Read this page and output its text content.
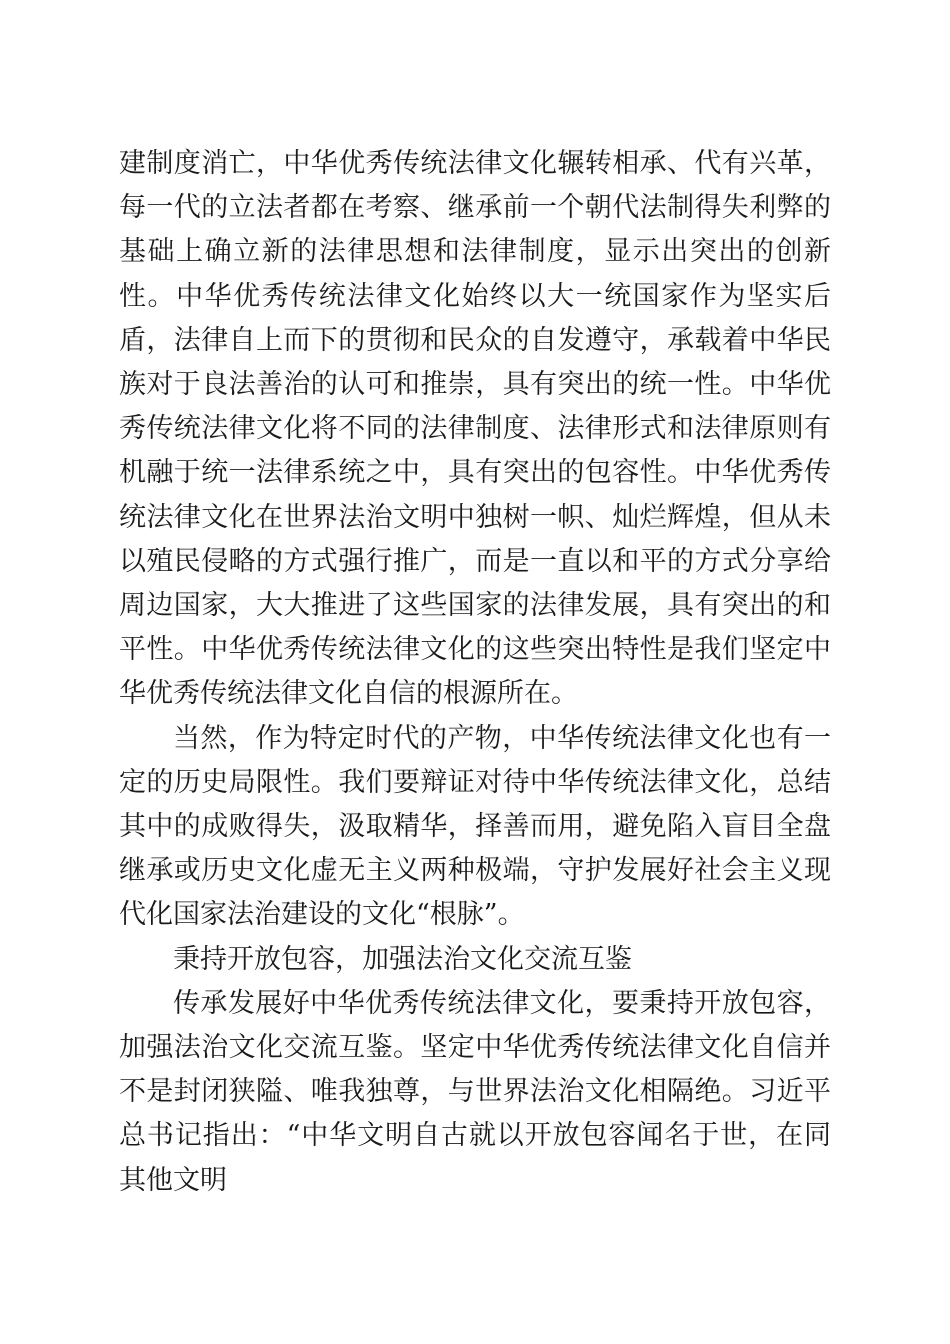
建制度消亡，中华优秀传统法律文化辗转相承、代有兴革，每一代的立法者都在考察、继承前一个朝代法制得失利弊的基础上确立新的法律思想和法律制度，显示出突出的创新性。中华优秀传统法律文化始终以大一统国家作为坚实后盾，法律自上而下的贯彻和民众的自发遵守，承载着中华民族对于良法善治的认可和推崇，具有突出的统一性。中华优秀传统法律文化将不同的法律制度、法律形式和法律原则有机融于统一法律系统之中，具有突出的包容性。中华优秀传统法律文化在世界法治文明中独树一帜、灿烂辉煌，但从未以殖民侵略的方式强行推广，而是一直以和平的方式分享给周边国家，大大推进了这些国家的法律发展，具有突出的和平性。中华优秀传统法律文化的这些突出特性是我们坚定中华优秀传统法律文化自信的根源所在。

当然，作为特定时代的产物，中华传统法律文化也有一定的历史局限性。我们要辩证对待中华传统法律文化，总结其中的成败得失，汲取精华，择善而用，避免陷入盲目全盘继承或历史文化虚无主义两种极端，守护发展好社会主义现代化国家法治建设的文化“根脉”。

秉持开放包容，加强法治文化交流互鉴

传承发展好中华优秀传统法律文化，要秉持开放包容，加强法治文化交流互鉴。坚定中华优秀传统法律文化自信并不是封闭狭隘、唯我独尊，与世界法治文化相隔绝。习近平总书记指出：“中华文明自古就以开放包容闻名于世，在同其他文明
